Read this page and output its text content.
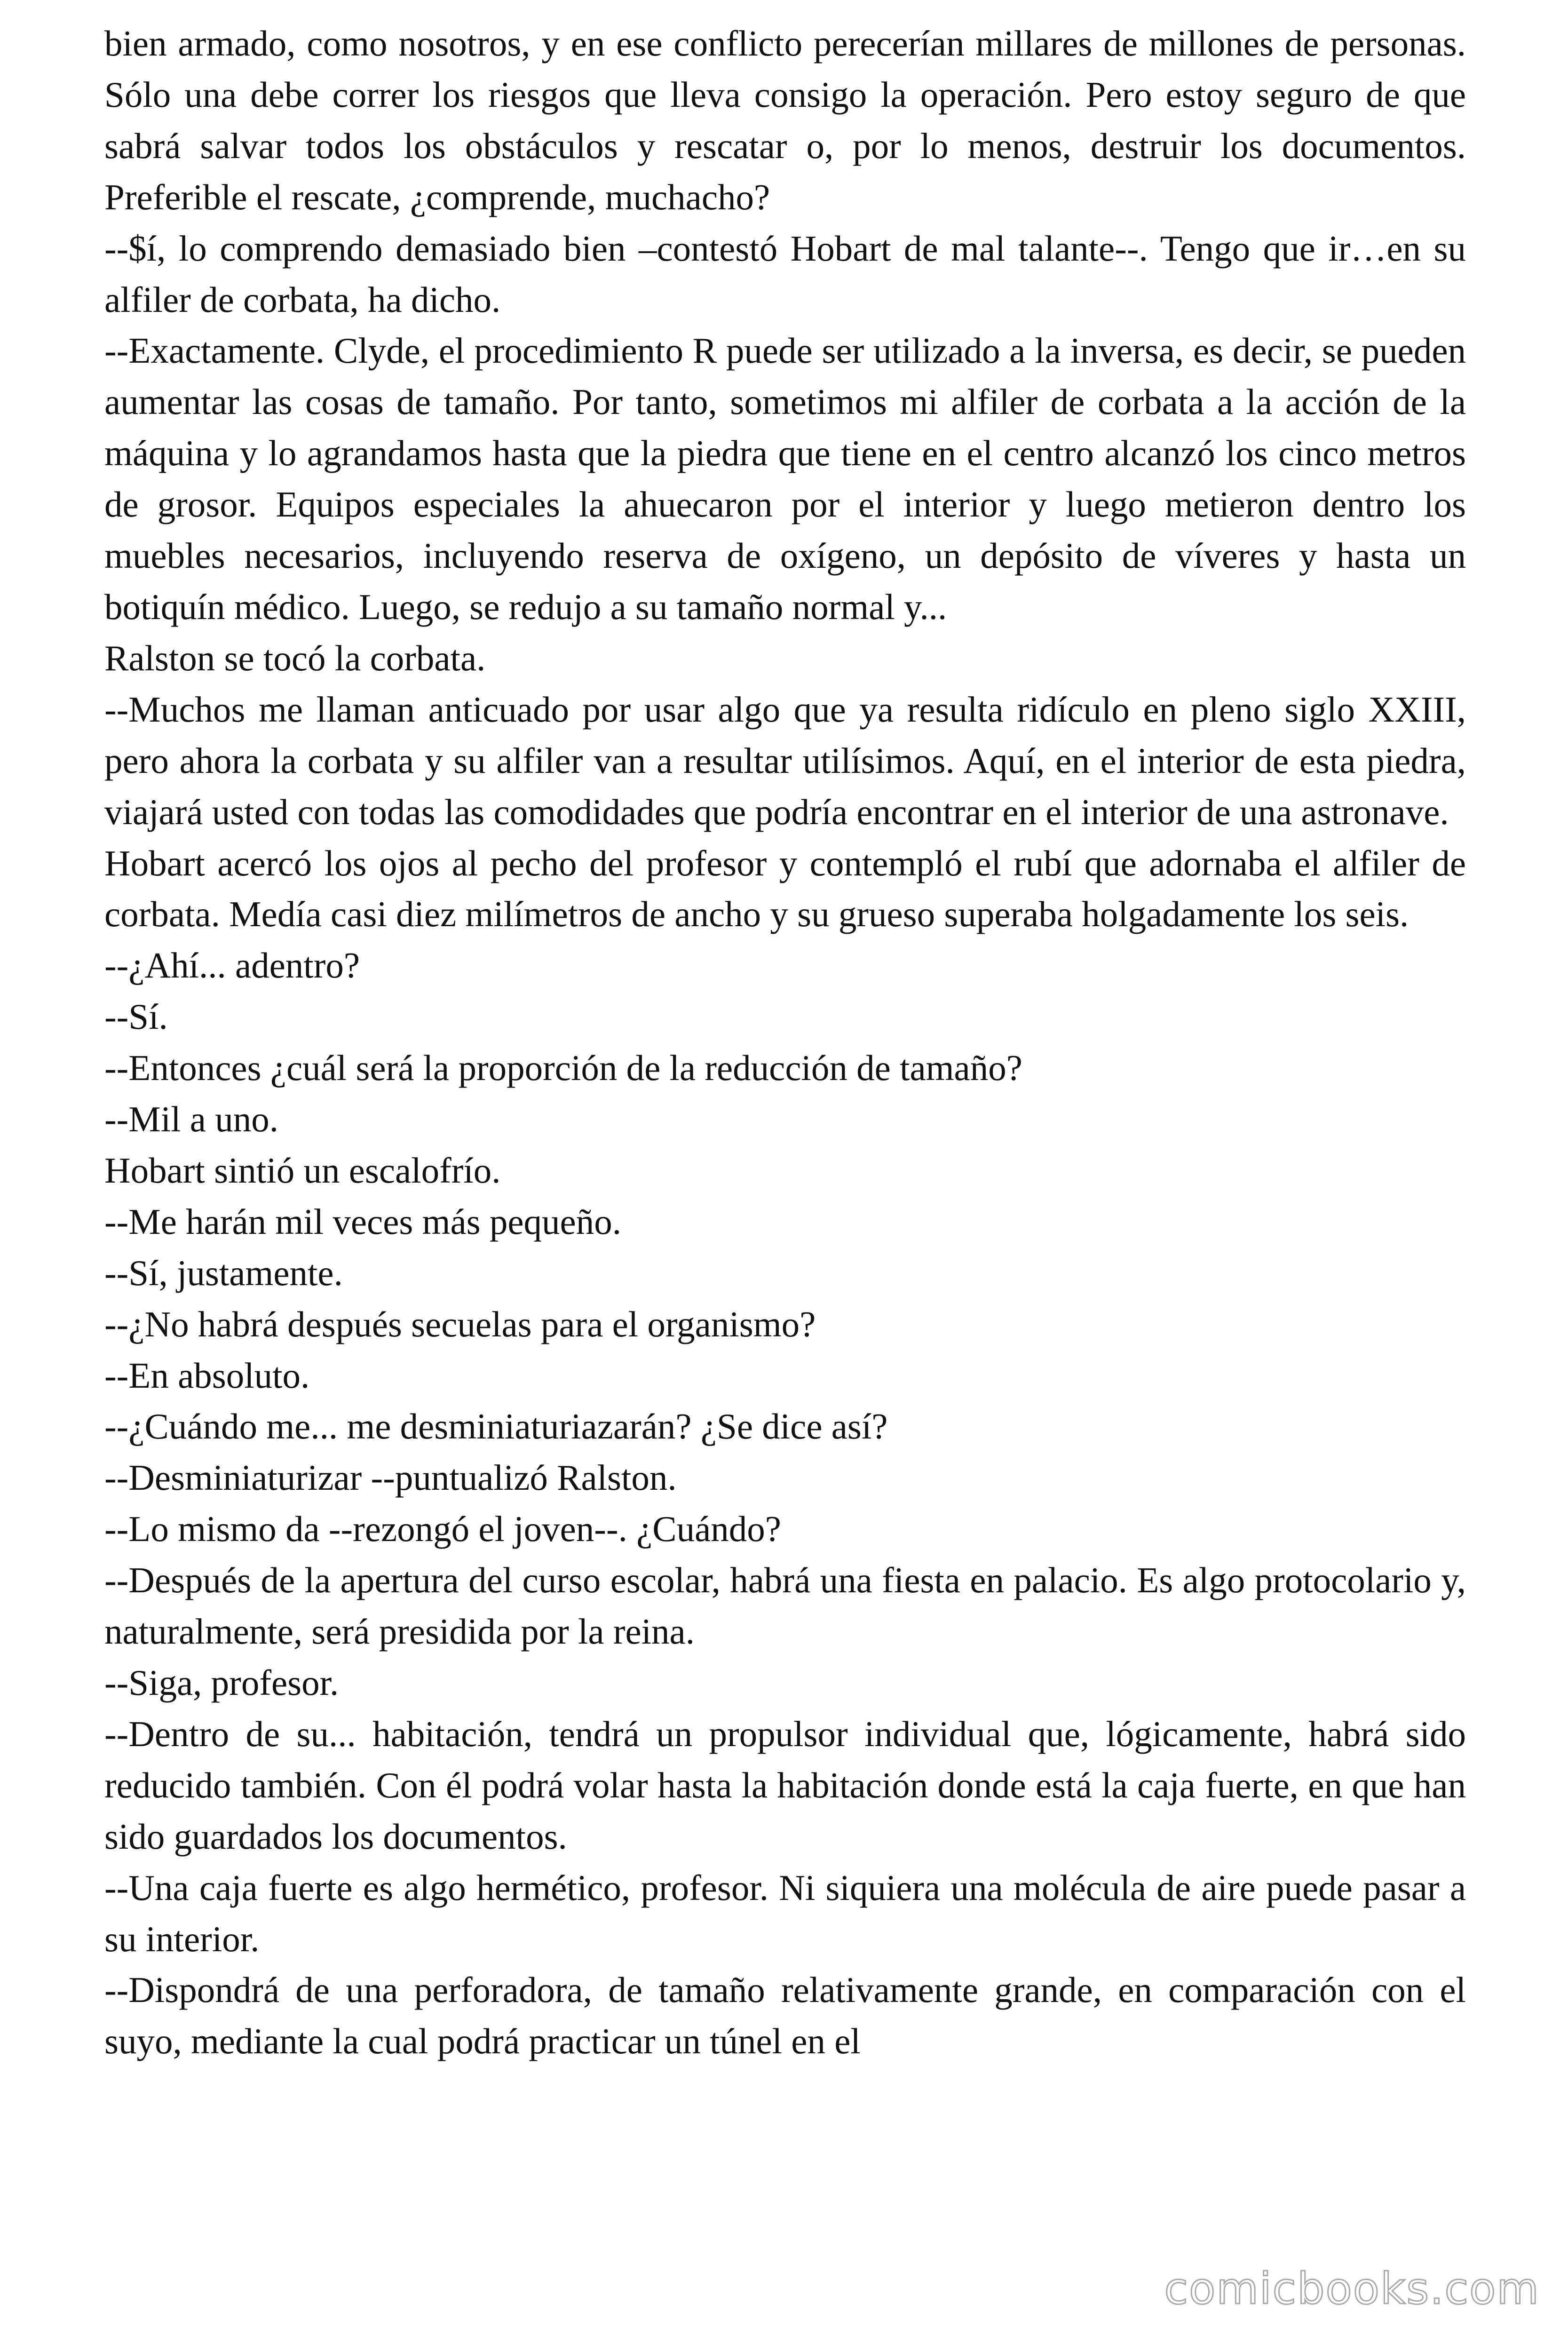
bien armado, como nosotros, y en ese conflicto perecerían millares de millones de personas. Sólo una debe correr los riesgos que lleva consigo la operación. Pero estoy seguro de que sabrá salvar todos los obstáculos y rescatar o, por lo menos, destruir los documentos. Preferible el rescate, ¿comprende, muchacho?

--$í, lo comprendo demasiado bien –contestó Hobart de mal talante--. Tengo que ir…en su alfiler de corbata, ha dicho.

--Exactamente. Clyde, el procedimiento R puede ser utilizado a la inversa, es decir, se pueden aumentar las cosas de tamaño. Por tanto, sometimos mi alfiler de corbata a la acción de la máquina y lo agrandamos hasta que la piedra que tiene en el centro alcanzó los cinco metros de grosor. Equipos especiales la ahuecaron por el interior y luego metieron dentro los muebles necesarios, incluyendo reserva de oxígeno, un depósito de víveres y hasta un botiquín médico. Luego, se redujo a su tamaño normal y...

Ralston se tocó la corbata.

--Muchos me llaman anticuado por usar algo que ya resulta ridículo en pleno siglo XXIII, pero ahora la corbata y su alfiler van a resultar utilísimos. Aquí, en el interior de esta piedra, viajará usted con todas las comodidades que podría encontrar en el interior de una astronave.

Hobart acercó los ojos al pecho del profesor y contempló el rubí que adornaba el alfiler de corbata. Medía casi diez milímetros de ancho y su grueso superaba holgadamente los seis.

--¿Ahí... adentro?

--Sí.

--Entonces ¿cuál será la proporción de la reducción de tamaño?

--Mil a uno.

Hobart sintió un escalofrío.

--Me harán mil veces más pequeño.

--Sí, justamente.

--¿No habrá después secuelas para el organismo?

--En absoluto.

--¿Cuándo me... me desminiaturiazarán? ¿Se dice así?

--Desminiaturizar --puntualizó Ralston.

--Lo mismo da --rezongó el joven--. ¿Cuándo?

--Después de la apertura del curso escolar, habrá una fiesta en palacio. Es algo protocolario y, naturalmente, será presidida por la reina.

--Siga, profesor.

--Dentro de su... habitación, tendrá un propulsor individual que, lógicamente, habrá sido reducido también. Con él podrá volar hasta la habitación donde está la caja fuerte, en que han sido guardados los documentos.

--Una caja fuerte es algo hermético, profesor. Ni siquiera una molécula de aire puede pasar a su interior.

--Dispondrá de una perforadora, de tamaño relativamente grande, en comparación con el suyo, mediante la cual podrá practicar un túnel en el

comicbooks.com
